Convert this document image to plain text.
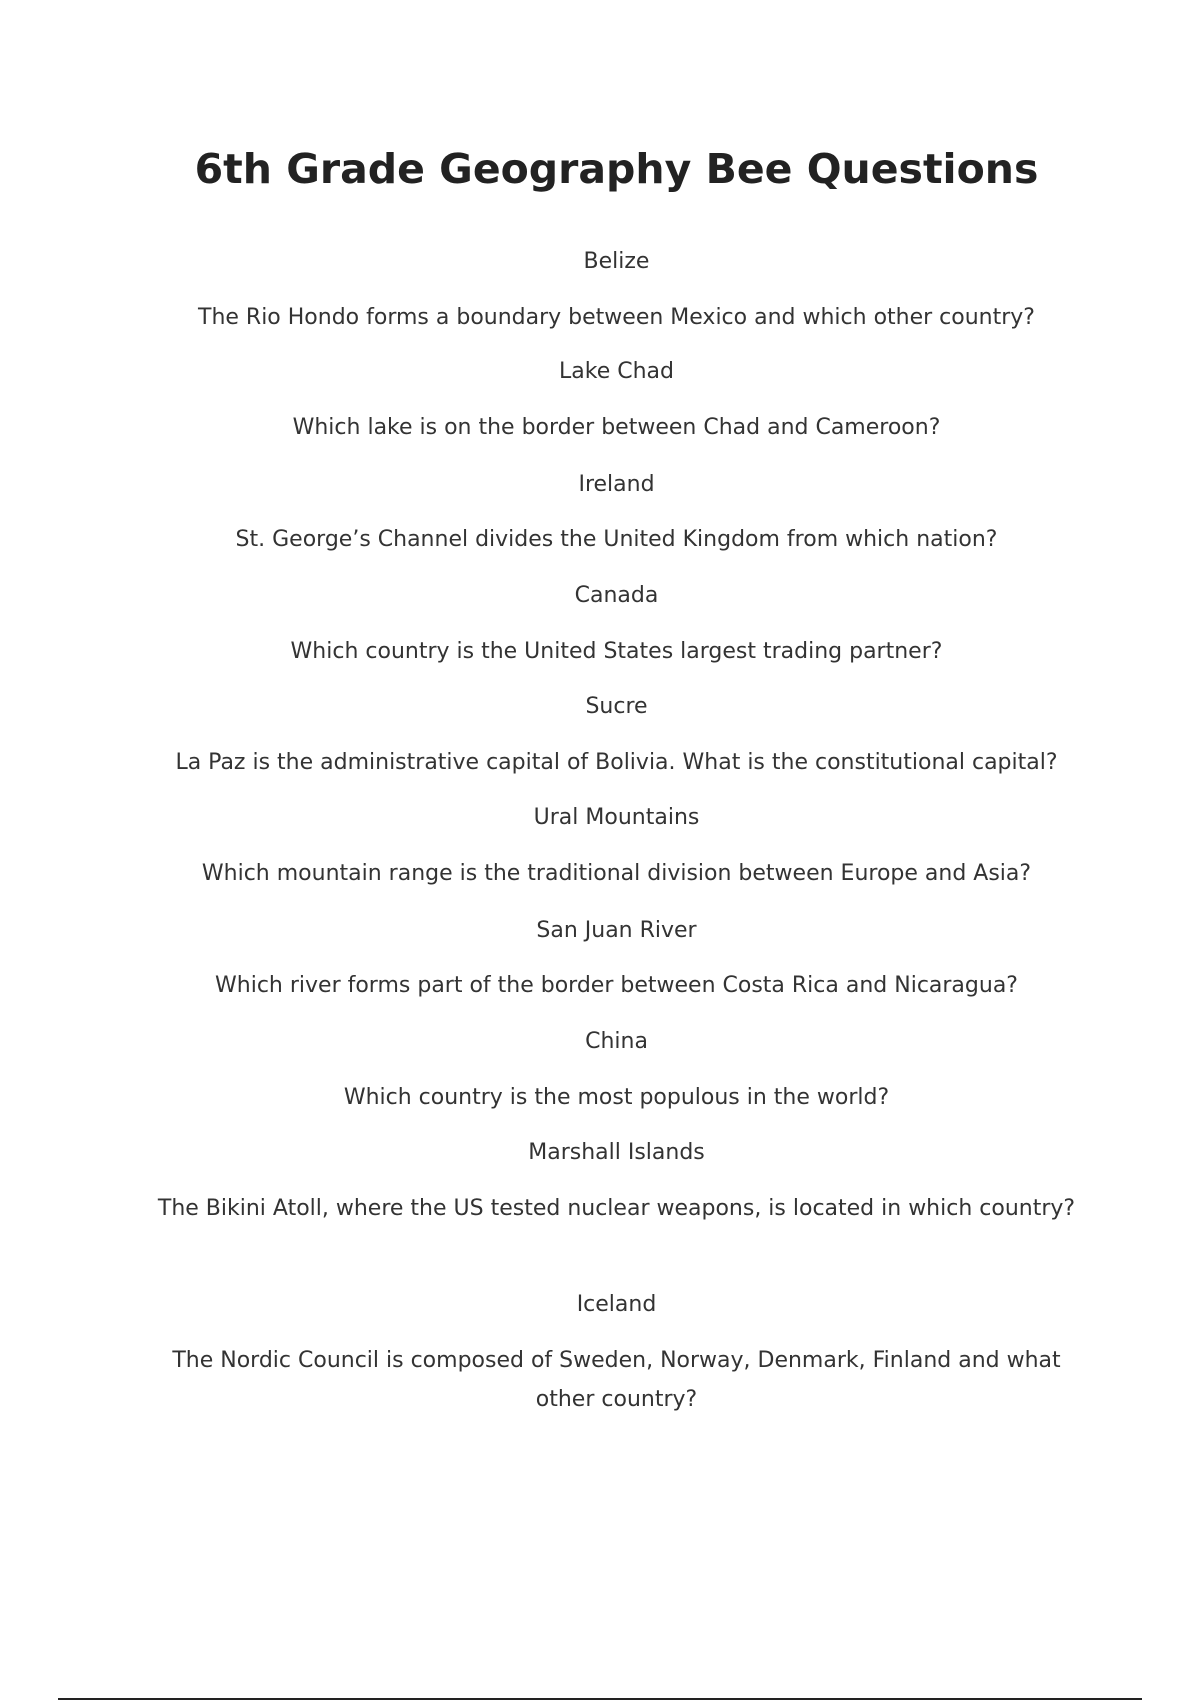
6th Grade Geography Bee Questions

Belize

The Rio Hondo forms a boundary between Mexico and which other country?

Lake Chad

Which lake is on the border between Chad and Cameroon?

Ireland

St. George’s Channel divides the United Kingdom from which nation?

Canada

Which country is the United States largest trading partner?

Sucre

La Paz is the administrative capital of Bolivia. What is the constitutional capital?

Ural Mountains

Which mountain range is the traditional division between Europe and Asia?

San Juan River

Which river forms part of the border between Costa Rica and Nicaragua?

China

Which country is the most populous in the world?

Marshall Islands

The Bikini Atoll, where the US tested nuclear weapons, is located in which country?

Iceland

The Nordic Council is composed of Sweden, Norway, Denmark, Finland and what other country?
